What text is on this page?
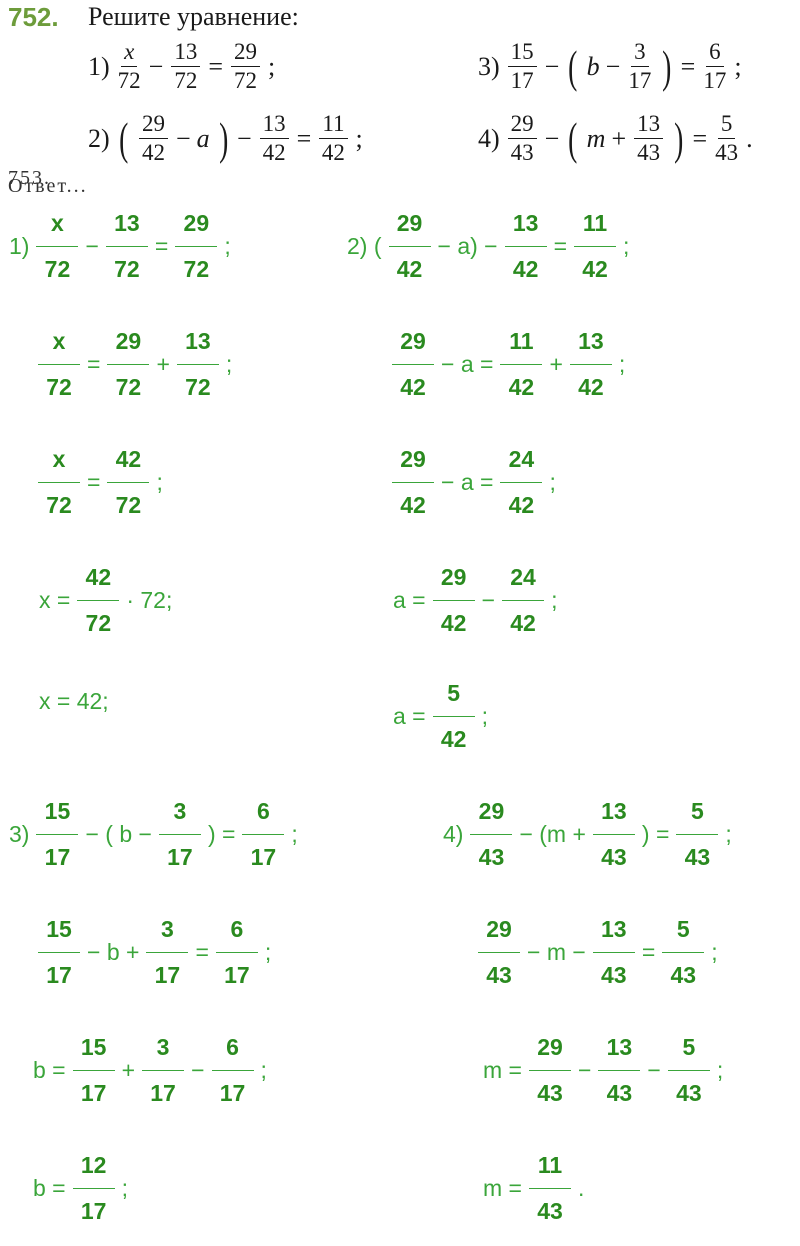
752. Решите уравнение:
1)
x
$72 - \frac{13}{72} = \frac{29}{72}$ ;
2) ( 29
42 − a ) − $\frac{13}{42} = \frac{11}{42}$ ;
3)
15
17 − ( $b - \frac{3}{17}$ ) = $\frac{6}{17}$ ;
4)
29
43 − ( $m + \frac{13}{43}$ ) = $\frac{5}{43}$ .
753. Ответ...
$1) \frac{x}{72} - \frac{13}{72} = \frac{29}{72}$ ;
$\frac{x}{72} = \frac{29}{72} + \frac{13}{72}$ ;
$\frac{x}{72} = \frac{42}{72}$ ;
$x = \frac{42}{72} \cdot 72$;
x = 42;
2) ( $\frac{29}{42} - a) - \frac{13}{42} = \frac{11}{42}$ ;
$\frac{29}{42} - a = \frac{11}{42} + \frac{13}{42}$ ;
$\frac{29}{42} - a = \frac{24}{42}$ ;
$a = \frac{29}{42} - \frac{24}{42}$ ;
$a = \frac{5}{42}$ ;
$3) \frac{15}{17}$ − ( $b - \frac{3}{17}$ ) = $\frac{6}{17}$ ;
$\frac{15}{17} - b + \frac{3}{17} = \frac{6}{17}$ ;
$b = \frac{15}{17} + \frac{3}{17} - \frac{6}{17}$ ;
$b = \frac{12}{17}$ ;
$4) \frac{29}{43} - (m + \frac{13}{43}$ ) = $\frac{5}{43}$ ;
$\frac{29}{43} - m - \frac{13}{43} = \frac{5}{43}$ ;
$m = \frac{29}{43} - \frac{13}{43} - \frac{5}{43}$ ;
$m = \frac{11}{43}$ .
